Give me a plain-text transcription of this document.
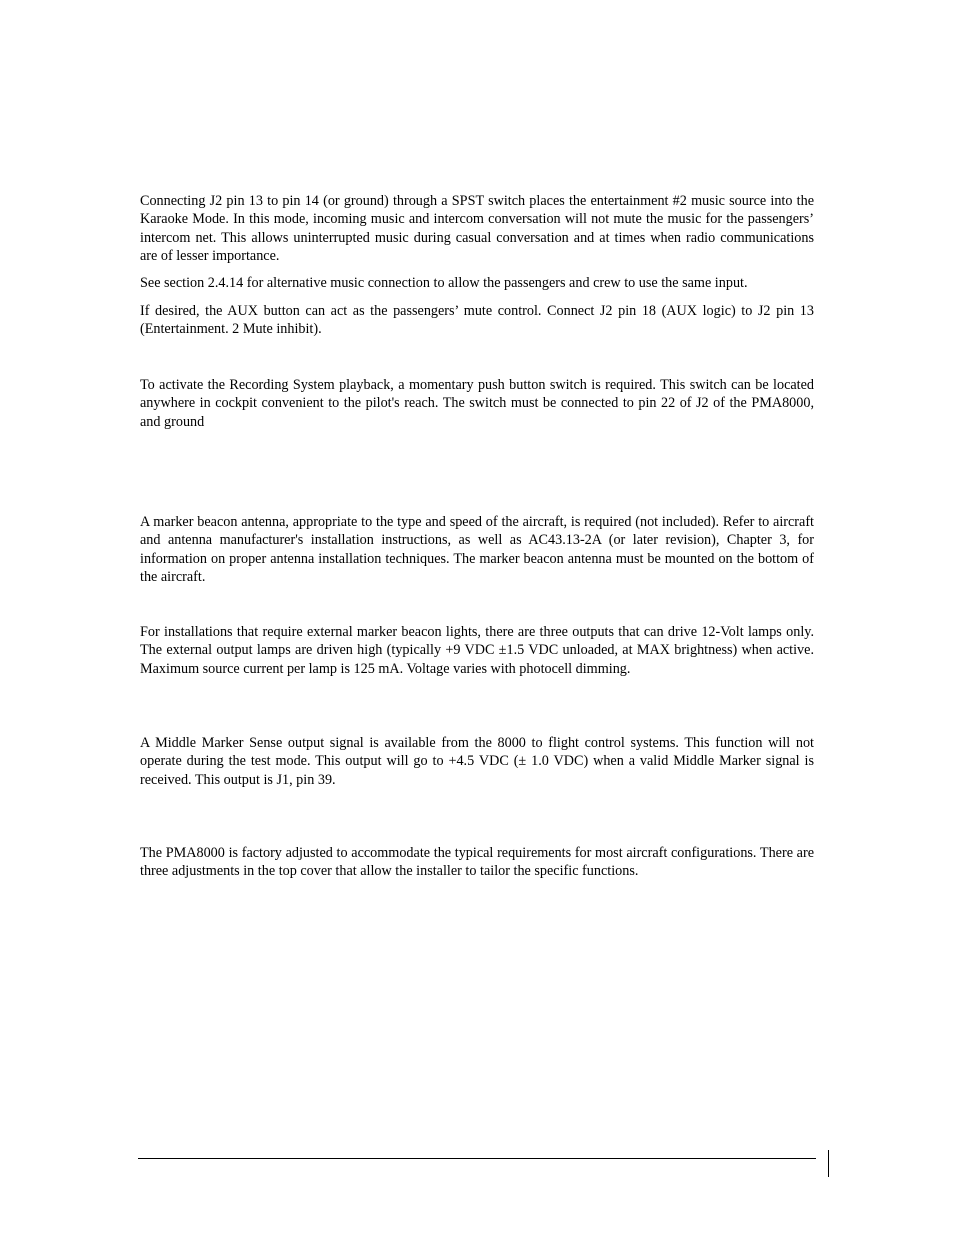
Connecting J2 pin 13 to pin 14 (or ground) through a SPST switch places the entertainment #2 music source into the Karaoke Mode. In this mode, incoming music and intercom conversation will not mute the music for the passengers’ intercom net. This allows uninterrupted music during casual conversation and at times when radio communications are of lesser importance.

See section 2.4.14 for alternative music connection to allow the passengers and crew to use the same input.

If desired, the AUX button can act as the passengers’ mute control. Connect J2 pin 18 (AUX logic) to J2 pin 13 (Entertainment. 2 Mute inhibit).

To activate the Recording System playback, a momentary push button switch is required. This switch can be located anywhere in cockpit convenient to the pilot's reach. The switch must be connected to pin 22 of J2 of the PMA8000, and ground

A marker beacon antenna, appropriate to the type and speed of the aircraft, is required (not included). Refer to aircraft and antenna manufacturer's installation instructions, as well as AC43.13-2A (or later revision), Chapter 3, for information on proper antenna installation techniques. The marker beacon antenna must be mounted on the bottom of the aircraft.

For installations that require external marker beacon lights, there are three outputs that can drive 12-Volt lamps only. The external output lamps are driven high (typically +9 VDC ±1.5 VDC unloaded, at MAX brightness) when active. Maximum source current per lamp is 125 mA. Voltage varies with photocell dimming.

A Middle Marker Sense output signal is available from the 8000 to flight control systems. This function will not operate during the test mode. This output will go to +4.5 VDC (± 1.0 VDC) when a valid Middle Marker signal is received. This output is J1, pin 39.

The PMA8000 is factory adjusted to accommodate the typical requirements for most aircraft configurations. There are three adjustments in the top cover that allow the installer to tailor the specific functions.
